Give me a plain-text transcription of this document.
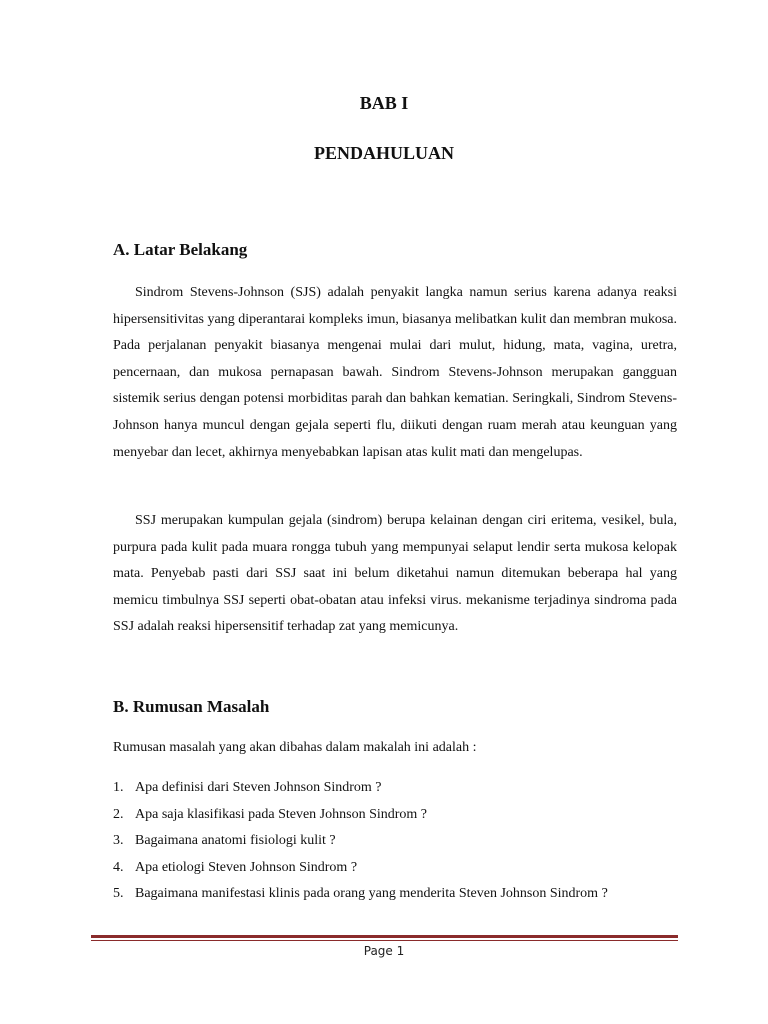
BAB I
PENDAHULUAN
A. Latar Belakang

Sindrom Stevens-Johnson (SJS) adalah penyakit langka namun serius karena adanya reaksi hipersensitivitas yang diperantarai kompleks imun, biasanya melibatkan kulit dan membran mukosa. Pada perjalanan penyakit biasanya mengenai mulai dari mulut, hidung, mata, vagina, uretra, pencernaan, dan mukosa pernapasan bawah. Sindrom Stevens-Johnson merupakan gangguan sistemik serius dengan potensi morbiditas parah dan bahkan kematian. Seringkali, Sindrom Stevens-Johnson hanya muncul dengan gejala seperti flu, diikuti dengan ruam merah atau keunguan yang menyebar dan lecet, akhirnya menyebabkan lapisan atas kulit mati dan mengelupas.

SSJ merupakan kumpulan gejala (sindrom) berupa kelainan dengan ciri eritema, vesikel, bula, purpura pada kulit pada muara rongga tubuh yang mempunyai selaput lendir serta mukosa kelopak mata. Penyebab pasti dari SSJ saat ini belum diketahui namun ditemukan beberapa hal yang memicu timbulnya SSJ seperti obat-obatan atau infeksi virus. mekanisme terjadinya sindroma pada SSJ adalah reaksi hipersensitif terhadap zat yang memicunya.

B. Rumusan Masalah

Rumusan masalah yang akan dibahas dalam makalah ini adalah :

1. Apa definisi dari Steven Johnson Sindrom ?
2. Apa saja klasifikasi pada Steven Johnson Sindrom ?
3. Bagaimana anatomi fisiologi kulit ?
4. Apa etiologi Steven Johnson Sindrom ?
5. Bagaimana manifestasi klinis pada orang yang menderita Steven Johnson Sindrom ?
Page 1
